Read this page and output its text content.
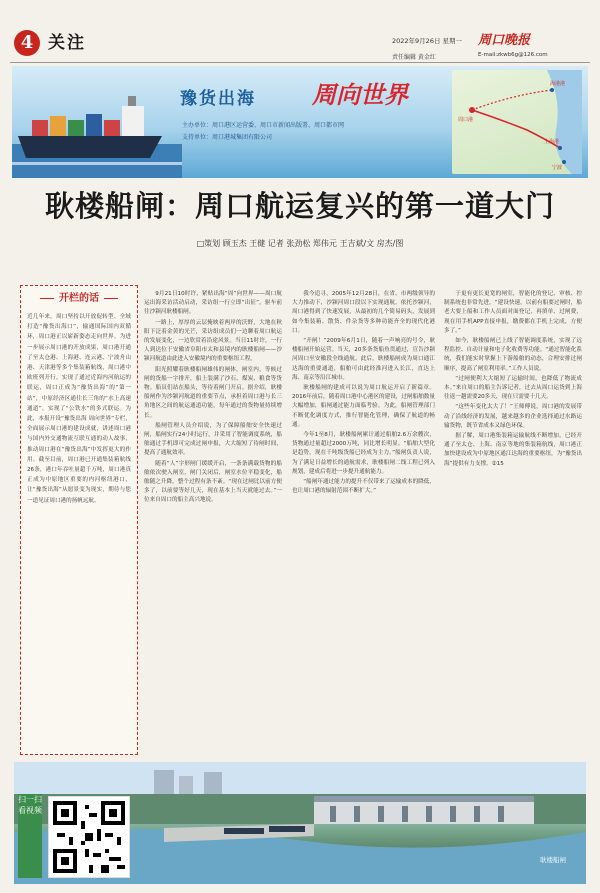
4 关注	2022年9月26日 星期一
责任编辑 黄金红
周口晚报
E-mail:zkwb6g@126.com
豫货出海 周向世界
主办单位：周口港区运营委、周口市新闻出版署、周口都市网
支持单位：周口港城集团有限公司
海港港
周口港
上海港
宁波
耿楼船闸：周口航运复兴的第一道大门
□策划 顾玉杰 王健 记者 张劲松 郑伟元 王吉斌/文 房杰/图
开栏的话
近几年来，周口坚持以开放促转型、全域打造“豫货出海口”，输通国际国内双循环，周口港正以崭新姿态走向世界。为进一步展示周口港的开放成果，周口港开通了至太仓港、上海港、连云港、宁波舟山港、天津港等多个集装箱航线，周口港中欧班列开行，实现了通过近海内河航运的联运，周口正成为“豫货出海”的“第一站”，中原经济区通往长三角的“水上高速通道”，实现了“公铁水”的多式联运。为此，本报开设“豫货出海 周向世界”专栏，全面展示周口港的建设成就，讲述周口港与国内外交通物流互联互通的动人故事，推动周口港在“豫货出海”中发挥更大的作用。截至目前，周口港已开通集装箱航线26条，港口年吞吐量超千万吨，周口港真正成为中原地区重要的内河枢纽港口，让“豫货出海”从愿景变为现实，期待与您一道见证周口港的扬帆远航。

9月21日10时许，紧贴出海“周”向世界——周口航运出海采访活动启动，采访组一行立即“出征”，驱车前往沙颍河耿楼船闸。

一路上，厚厚的云层掩映着两岸的沃野，大地在秋阳下泛着金黄的光芒，采访组成员们一边聊着周口航运的发展变化，一边欣赏着沿途风景。当日11时许，一行人到达位于安徽省阜阳市太和县境内的耿楼船闸——沙颍河航道由此进入安徽境内的重要枢纽工程。

阳光照耀着耿楼船闸雄伟的闸体，闸室内，等候过闸的货船一字排开，船上装满了沙石、煤炭、粮食等货物。船员们站在船头，等待着闸门开启。据介绍，耿楼船闸作为沙颍河航道的重要节点，承担着周口港与长三角地区之间的航运通道功能，每年通过的货物量持续增长。

船闸管理人员介绍说，为了保障船舶安全快速过闸，船闸实行24小时运行，并采用了智能调度系统，船舶通过手机即可完成过闸申报，大大缩短了待闸时间，提高了通航效率。

随着“人”字形闸门缓缓开启，一条条满载货物的船舶依次驶入闸室，闸门关闭后，闸室水位平稳变化，船舶随之升降，整个过程有条不紊。“现在过闸比以前方便多了，以前要等好几天，现在基本上当天就能过去。”一位来自周口的船主高兴地说。

我今追寻，2005年12月28日，在省、市两级领导的大力推动下，沙颍河周口段以下实现通航。依托沙颍河，周口港得到了快速发展，从最初的几个简易码头，发展到如今集装箱、散货、件杂货等多种功能齐全的现代化港口。

“开闸！”2009年6月1日，随着一声响亮的号令，耿楼船闸开始运营。当天，20多条货船鱼贯通过，宣告沙颍河周口至安徽段全线通航。此后，耿楼船闸成为周口通江达海的重要通道，船舶可由此经淮河进入长江，直达上海、南京等沿江城市。

耿楼船闸的建成可以说为周口航运开启了新篇章。2016年前后，随着周口港中心港区的建设，过闸船舶数量大幅增加，船闸通过能力面临考验。为此，船闸管理部门不断优化调度方式，推行智能化管理，确保了航道的畅通。

今年1至8月，耿楼船闸累计通过船舶2.6万余艘次，货物通过量超过2000万吨，同比增长明显。“船舶大型化是趋势，现在千吨级货船已经成为主力。”船闸负责人说，为了满足日益增长的通航需求，耿楼船闸二线工程已列入规划，建成后将进一步提升通航能力。

“船闸年通过能力的提升不仅带来了运输成本的降低，也让周口港的辐射范围不断扩大。”

于更有更长更宽的闸室，智能化的登记、审核、控制系统也非常先进。“建设快速，以前有船要过闸时，船老大要上船和工作人员面对面登记，再填单、过闸费，现在用手机APP直接申报，缴费都在手机上完成，方便多了。”

如今，耿楼船闸已上线了智能调度系统，实现了远程监控、自动计量和电子化收费等功能。“通过智能化系统，我们能实时掌握上下游船舶的动态，合理安排过闸顺序，提高了闸室利用率。”工作人员说。

“过闸便利大大缩短了运输时间，也降低了物流成本。”来自周口的船主告诉记者，过去从周口运货到上海往返一趟需要20多天，现在只需要十几天。

“这些年变化太大了！”王师傅说，周口港的发展带动了沿线经济的发展，越来越多的企业选择通过水路运输货物，既节省成本又绿色环保。

据了解，周口港集装箱运输航线不断增加，已经开通了至太仓、上海、南京等地的集装箱航线，周口港正加快建设成为中原地区通江达海的重要枢纽，为“豫货出海”提供有力支撑。②15

扫一扫看视频
耿楼船闸
